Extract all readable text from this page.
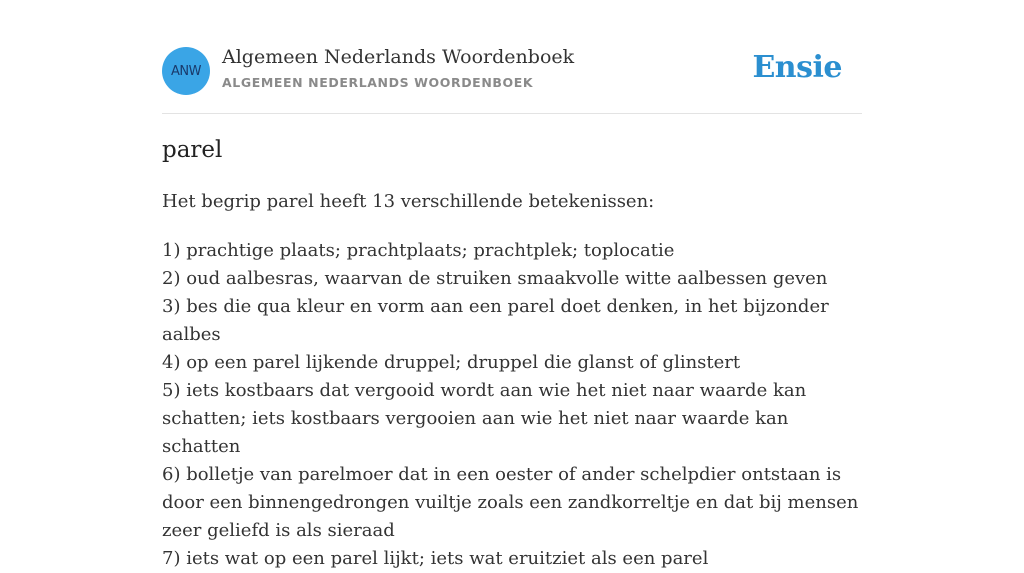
ANW
Algemeen Nederlands Woordenboek
ALGEMEEN NEDERLANDS WOORDENBOEK	Ensie
parel

Het begrip parel heeft 13 verschillende betekenissen:

1) prachtige plaats; prachtplaats; prachtplek; toplocatie
2) oud aalbesras, waarvan de struiken smaakvolle witte aalbessen geven
3) bes die qua kleur en vorm aan een parel doet denken, in het bijzonder aalbes
4) op een parel lijkende druppel; druppel die glanst of glinstert
5) iets kostbaars dat vergooid wordt aan wie het niet naar waarde kan schatten; iets kostbaars vergooien aan wie het niet naar waarde kan schatten
6) bolletje van parelmoer dat in een oester of ander schelpdier ontstaan is door een binnengedrongen vuiltje zoals een zandkorreltje en dat bij mensen zeer geliefd is als sieraad
7) iets wat op een parel lijkt; iets wat eruitziet als een parel
